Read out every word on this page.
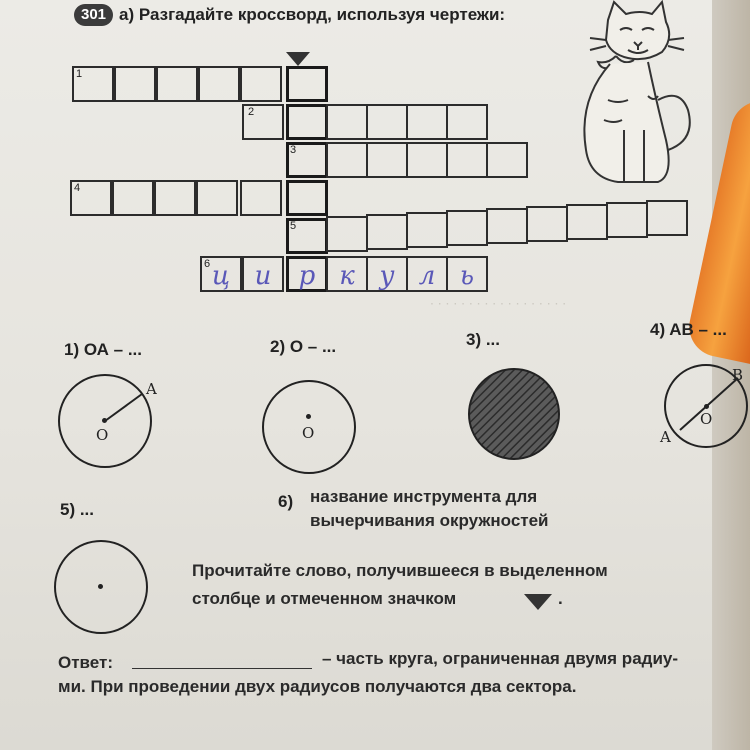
. . . . . . . . . . . . . . . . . .
301 а) Разгадайте кроссворд, используя чертежи:
1
2
3
4
5
6 ц и	р к у л ь
1) ОА – ...	2) О – ...	3) ...
4) AB – ...
O
A
O
O
A
B
5) ...	6) название инструмента для
вычерчивания окружностей
Прочитайте слово, получившееся в выделенном
столбце и отмеченном значком	.
Ответ:	– часть круга, ограниченная двумя радиу-
ми. При проведении двух радиусов получаются два сектора.
